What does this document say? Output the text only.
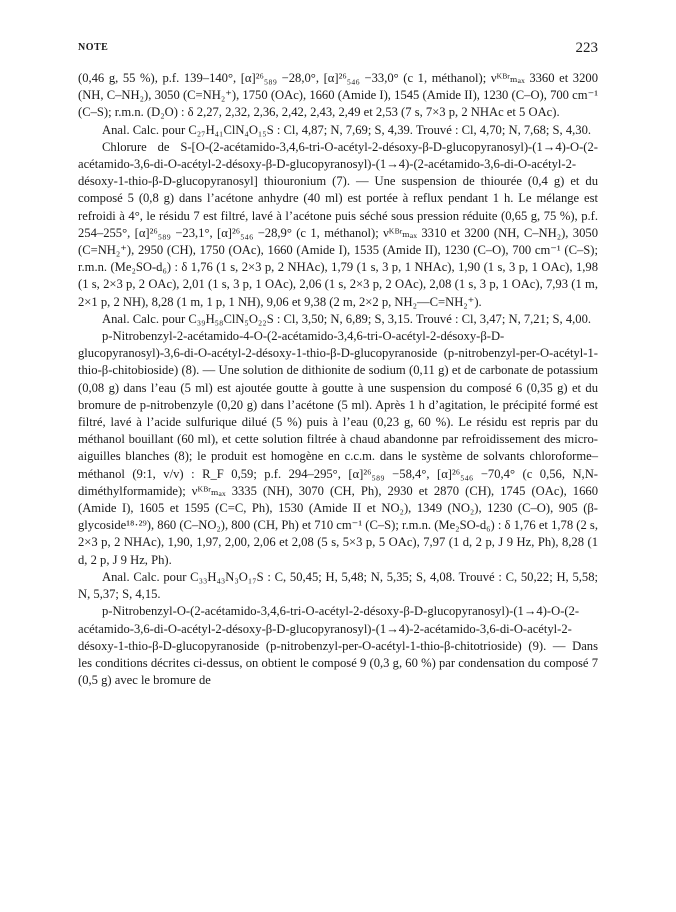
NOTE	223

(0,46 g, 55 %), p.f. 139–140°, [α]²⁶₅₈₉ −28,0°, [α]²⁶₅₄₆ −33,0° (c 1, méthanol); νᴷᴮʳₘₐₓ 3360 et 3200 (NH, C–NH₂), 3050 (C=NH₂⁺), 1750 (OAc), 1660 (Amide I), 1545 (Amide II), 1230 (C–O), 700 cm⁻¹ (C–S); r.m.n. (D₂O) : δ 2,27, 2,32, 2,36, 2,42, 2,43, 2,49 et 2,53 (7 s, 7×3 p, 2 NHAc et 5 OAc).

Anal. Calc. pour C₂₇H₄₁ClN₄O₁₅S : Cl, 4,87; N, 7,69; S, 4,39. Trouvé : Cl, 4,70; N, 7,68; S, 4,30.

Chlorure de S-[O-(2-acétamido-3,4,6-tri-O-acétyl-2-désoxy-β-D-glucopyranosyl)-(1→4)-O-(2-acétamido-3,6-di-O-acétyl-2-désoxy-β-D-glucopyranosyl)-(1→4)-(2-acétamido-3,6-di-O-acétyl-2-désoxy-1-thio-β-D-glucopyranosyl] thiouronium (7). — Une suspension de thiourée (0,4 g) et du composé 5 (0,8 g) dans l’acétone anhydre (40 ml) est portée à reflux pendant 1 h. Le mélange est refroidi à 4°, le résidu 7 est filtré, lavé à l’acétone puis séché sous pression réduite (0,65 g, 75 %), p.f. 254–255°, [α]²⁶₅₈₉ −23,1°, [α]²⁶₅₄₆ −28,9° (c 1, méthanol); νᴷᴮʳₘₐₓ 3310 et 3200 (NH, C–NH₂), 3050 (C=NH₂⁺), 2950 (CH), 1750 (OAc), 1660 (Amide I), 1535 (Amide II), 1230 (C–O), 700 cm⁻¹ (C–S); r.m.n. (Me₂SO-d₆) : δ 1,76 (1 s, 2×3 p, 2 NHAc), 1,79 (1 s, 3 p, 1 NHAc), 1,90 (1 s, 3 p, 1 OAc), 1,98 (1 s, 2×3 p, 2 OAc), 2,01 (1 s, 3 p, 1 OAc), 2,06 (1 s, 2×3 p, 2 OAc), 2,08 (1 s, 3 p, 1 OAc), 7,93 (1 m, 2×1 p, 2 NH), 8,28 (1 m, 1 p, 1 NH), 9,06 et 9,38 (2 m, 2×2 p, NH₂—C=NH₂⁺).

Anal. Calc. pour C₃₉H₅₈ClN₅O₂₂S : Cl, 3,50; N, 6,89; S, 3,15. Trouvé : Cl, 3,47; N, 7,21; S, 4,00.

p-Nitrobenzyl-2-acétamido-4-O-(2-acétamido-3,4,6-tri-O-acétyl-2-désoxy-β-D-glucopyranosyl)-3,6-di-O-acétyl-2-désoxy-1-thio-β-D-glucopyranoside (p-nitrobenzyl-per-O-acétyl-1-thio-β-chitobioside) (8). — Une solution de dithionite de sodium (0,11 g) et de carbonate de potassium (0,08 g) dans l’eau (5 ml) est ajoutée goutte à goutte à une suspension du composé 6 (0,35 g) et du bromure de p-nitrobenzyle (0,20 g) dans l’acétone (5 ml). Après 1 h d’agitation, le précipité formé est filtré, lavé à l’acide sulfurique dilué (5 %) puis à l’eau (0,23 g, 60 %). Le résidu est repris par du méthanol bouillant (60 ml), et cette solution filtrée à chaud abandonne par refroidissement des micro-aiguilles blanches (8); le produit est homogène en c.c.m. dans le système de solvants chloroforme–méthanol (9:1, v/v) : R_F 0,59; p.f. 294–295°, [α]²⁶₅₈₉ −58,4°, [α]²⁶₅₄₆ −70,4° (c 0,56, N,N-diméthylformamide); νᴷᴮʳₘₐₓ 3335 (NH), 3070 (CH, Ph), 2930 et 2870 (CH), 1745 (OAc), 1660 (Amide I), 1605 et 1595 (C=C, Ph), 1530 (Amide II et NO₂), 1349 (NO₂), 1230 (C–O), 905 (β-glycoside¹⁸·²⁹), 860 (C–NO₂), 800 (CH, Ph) et 710 cm⁻¹ (C–S); r.m.n. (Me₂SO-d₆) : δ 1,76 et 1,78 (2 s, 2×3 p, 2 NHAc), 1,90, 1,97, 2,00, 2,06 et 2,08 (5 s, 5×3 p, 5 OAc), 7,97 (1 d, 2 p, J 9 Hz, Ph), 8,28 (1 d, 2 p, J 9 Hz, Ph).

Anal. Calc. pour C₃₃H₄₃N₃O₁₇S : C, 50,45; H, 5,48; N, 5,35; S, 4,08. Trouvé : C, 50,22; H, 5,58; N, 5,37; S, 4,15.

p-Nitrobenzyl-O-(2-acétamido-3,4,6-tri-O-acétyl-2-désoxy-β-D-glucopyranosyl)-(1→4)-O-(2-acétamido-3,6-di-O-acétyl-2-désoxy-β-D-glucopyranosyl)-(1→4)-2-acétamido-3,6-di-O-acétyl-2-désoxy-1-thio-β-D-glucopyranoside (p-nitrobenzyl-per-O-acétyl-1-thio-β-chitotrioside) (9). — Dans les conditions décrites ci-dessus, on obtient le composé 9 (0,3 g, 60 %) par condensation du composé 7 (0,5 g) avec le bromure de
